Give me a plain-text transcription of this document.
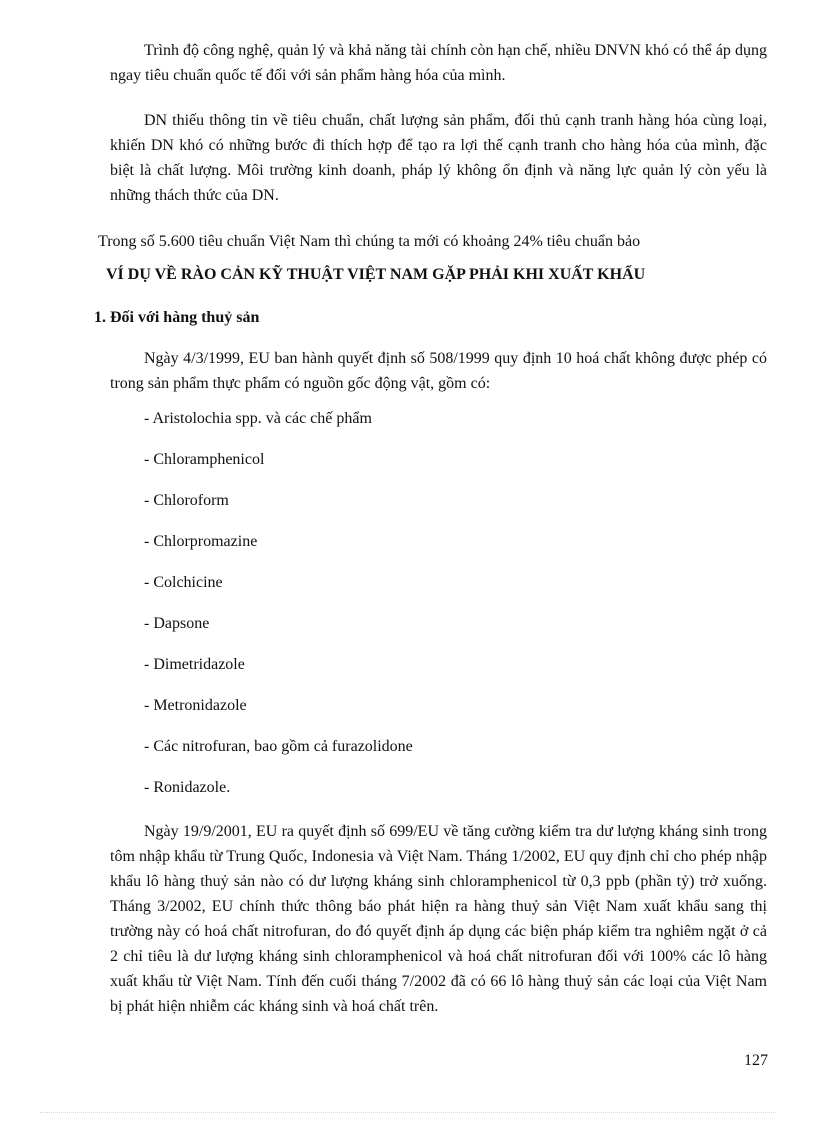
Trình độ công nghệ, quản lý và khả năng tài chính còn hạn chế, nhiều DNVN khó có thể áp dụng ngay tiêu chuẩn quốc tế đối với sản phẩm hàng hóa của mình.

DN thiếu thông tin về tiêu chuẩn, chất lượng sản phẩm, đối thủ cạnh tranh hàng hóa cùng loại, khiến DN khó có những bước đi thích hợp để tạo ra lợi thế cạnh tranh cho hàng hóa của mình, đặc biệt là chất lượng. Môi trường kinh doanh, pháp lý không ổn định và năng lực quản lý còn yếu là những thách thức của DN.

Trong số 5.600 tiêu chuẩn Việt Nam thì chúng ta mới có khoảng 24% tiêu chuẩn bảo

VÍ DỤ VỀ RÀO CẢN KỸ THUẬT VIỆT NAM GẶP PHẢI KHI XUẤT KHẨU

1. Đối với hàng thuỷ sản

Ngày 4/3/1999, EU ban hành quyết định số 508/1999 quy định 10 hoá chất không được phép có trong sản phẩm thực phẩm có nguồn gốc động vật, gồm có:

- Aristolochia spp. và các chế phẩm
- Chloramphenicol
- Chloroform
- Chlorpromazine
- Colchicine
- Dapsone
- Dimetridazole
- Metronidazole
- Các nitrofuran, bao gồm cả furazolidone
- Ronidazole.

Ngày 19/9/2001, EU ra quyết định số 699/EU về tăng cường kiểm tra dư lượng kháng sinh trong tôm nhập khẩu từ Trung Quốc, Indonesia và Việt Nam. Tháng 1/2002, EU quy định chỉ cho phép nhập khẩu lô hàng thuỷ sản nào có dư lượng kháng sinh chloramphenicol từ 0,3 ppb (phần tỷ) trở xuống. Tháng 3/2002, EU chính thức thông báo phát hiện ra hàng thuỷ sản Việt Nam xuất khẩu sang thị trường này có hoá chất nitrofuran, do đó quyết định áp dụng các biện pháp kiểm tra nghiêm ngặt ở cả 2 chỉ tiêu là dư lượng kháng sinh chloramphenicol và hoá chất nitrofuran đối với 100% các lô hàng xuất khẩu từ Việt Nam. Tính đến cuối tháng 7/2002 đã có 66 lô hàng thuỷ sản các loại của Việt Nam bị phát hiện nhiễm các kháng sinh và hoá chất trên.

127
